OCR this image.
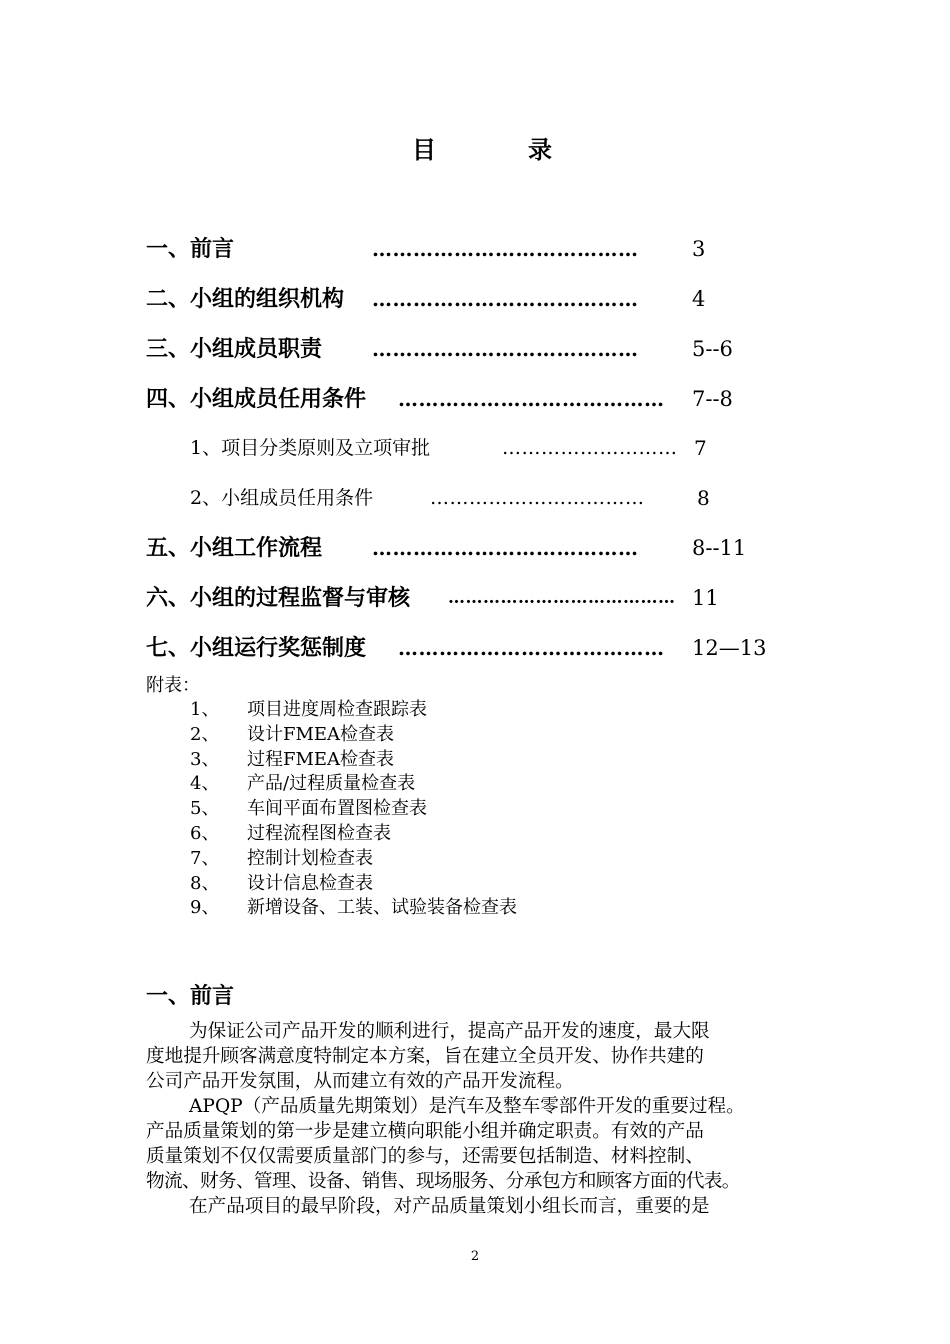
目	录
一、前言	…………………………………	3
二、小组的组织机构 …………………………………	4
三、小组成员职责 …………………………………	5--6
四、小组成员任用条件 ………………………………… 7--8
1、项目分类原则及立项审批	……………………… 7
2、小组成员任用条件	……………………………	8
五、小组工作流程 …………………………………	8--11
六、小组的过程监督与审核 ………………………………… 11
七、小组运行奖惩制度 ………………………………… 12—13
附表：
1、 项目进度周检查跟踪表
2、 设计FMEA检查表
3、 过程FMEA检查表
4、 产品/过程质量检查表
5、 车间平面布置图检查表
6、 过程流程图检查表
7、 控制计划检查表
8、 设计信息检查表
9、 新增设备、工装、试验装备检查表
一、前言
为保证公司产品开发的顺利进行，提高产品开发的速度，最大限
度地提升顾客满意度特制定本方案，旨在建立全员开发、协作共建的
公司产品开发氛围，从而建立有效的产品开发流程。
APQP（产品质量先期策划）是汽车及整车零部件开发的重要过程。
产品质量策划的第一步是建立横向职能小组并确定职责。有效的产品
质量策划不仅仅需要质量部门的参与，还需要包括制造、材料控制、
物流、财务、管理、设备、销售、现场服务、分承包方和顾客方面的代表。
在产品项目的最早阶段，对产品质量策划小组长而言，重要的是
2
